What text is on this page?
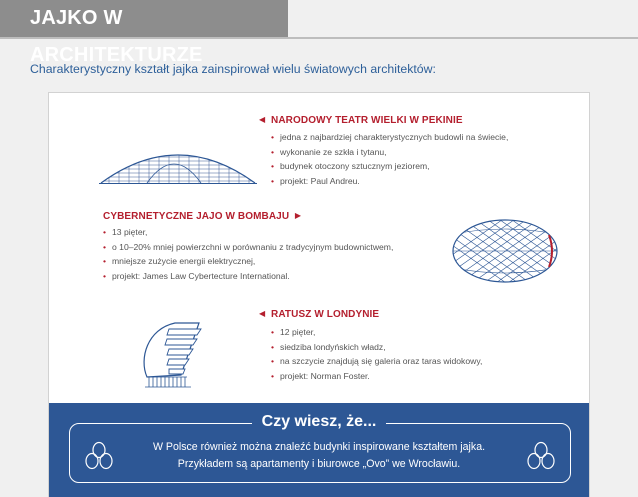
JAJKO W ARCHITEKTURZE
Charakterystyczny kształt jajka zainspirował wielu światowych architektów:
◀ NARODOWY TEATR WIELKI W PEKINIE
• jedna z najbardziej charakterystycznych budowli na świecie,
• wykonanie ze szkła i tytanu,
• budynek otoczony sztucznym jeziorem,
• projekt: Paul Andreu.
CYBERNETYCZNE JAJO W BOMBAJU ▶
• 13 pięter,
• o 10–20% mniej powierzchni w porównaniu z tradycyjnym budownictwem,
• mniejsze zużycie energii elektrycznej,
• projekt: James Law Cybertecture International.
◀ RATUSZ W LONDYNIE
• 12 pięter,
• siedziba londyńskich władz,
• na szczycie znajdują się galeria oraz taras widokowy,
• projekt: Norman Foster.
Czy wiesz, że...
W Polsce również można znaleźć budynki inspirowane kształtem jajka.
Przykładem są apartamenty i biurowce „Ovo” we Wrocławiu.
